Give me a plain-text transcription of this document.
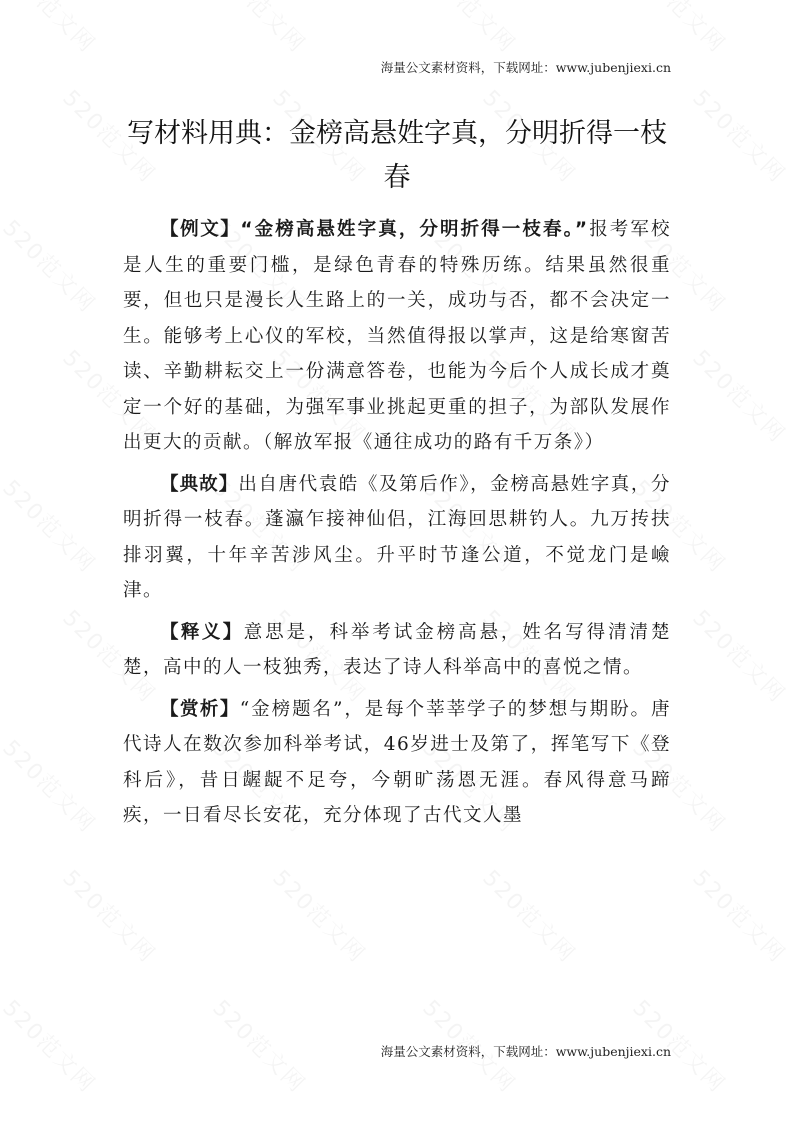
海量公文素材资料，下载网址：www.jubenjiexi.cn
写材料用典：金榜高悬姓字真，分明折得一枝春

【例文】“金榜高悬姓字真，分明折得一枝春。”报考军校是人生的重要门槛，是绿色青春的特殊历练。结果虽然很重要，但也只是漫长人生路上的一关，成功与否，都不会决定一生。能够考上心仪的军校，当然值得报以掌声，这是给寒窗苦读、辛勤耕耘交上一份满意答卷，也能为今后个人成长成才奠定一个好的基础，为强军事业挑起更重的担子，为部队发展作出更大的贡献。（解放军报《通往成功的路有千万条》）

【典故】出自唐代袁皓《及第后作》，金榜高悬姓字真，分明折得一枝春。蓬瀛乍接神仙侣，江海回思耕钓人。九万抟扶排羽翼，十年辛苦涉风尘。升平时节逢公道，不觉龙门是嶮津。

【释义】意思是，科举考试金榜高悬，姓名写得清清楚楚，高中的人一枝独秀，表达了诗人科举高中的喜悦之情。

【赏析】“金榜题名”，是每个莘莘学子的梦想与期盼。唐代诗人在数次参加科举考试，46岁进士及第了，挥笔写下《登科后》，昔日龌龊不足夸，今朝旷荡恩无涯。春风得意马蹄疾，一日看尽长安花，充分体现了古代文人墨

海量公文素材资料，下载网址：www.jubenjiexi.cn
